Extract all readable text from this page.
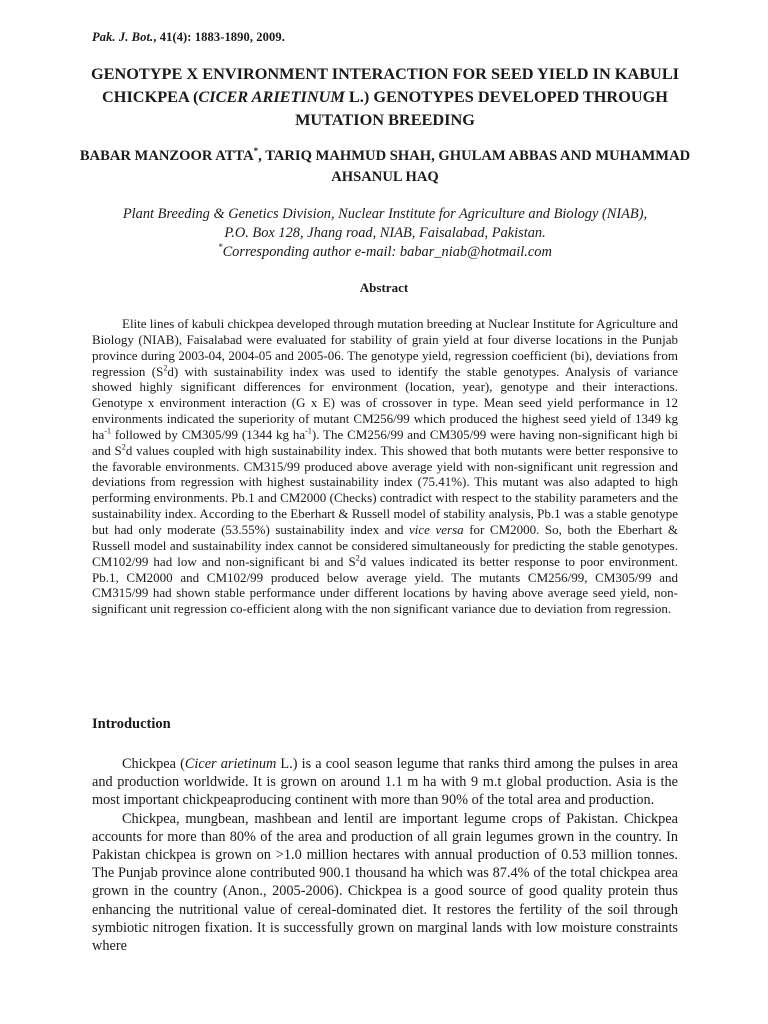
Pak. J. Bot., 41(4): 1883-1890, 2009.
GENOTYPE X ENVIRONMENT INTERACTION FOR SEED YIELD IN KABULI CHICKPEA (CICER ARIETINUM L.) GENOTYPES DEVELOPED THROUGH MUTATION BREEDING
BABAR MANZOOR ATTA*, TARIQ MAHMUD SHAH, GHULAM ABBAS AND MUHAMMAD AHSANUL HAQ
Plant Breeding & Genetics Division, Nuclear Institute for Agriculture and Biology (NIAB),
P.O. Box 128, Jhang road, NIAB, Faisalabad, Pakistan.
*Corresponding author e-mail: babar_niab@hotmail.com
Abstract

Elite lines of kabuli chickpea developed through mutation breeding at Nuclear Institute for Agriculture and Biology (NIAB), Faisalabad were evaluated for stability of grain yield at four diverse locations in the Punjab province during 2003-04, 2004-05 and 2005-06. The genotype yield, regression coefficient (bi), deviations from regression $(S^2d)$ with sustainability index was used to identify the stable genotypes. Analysis of variance showed highly significant differences for environment (location, year), genotype and their interactions. Genotype x environment interaction (G x E) was of crossover in type. Mean seed yield performance in 12 environments indicated the superiority of mutant CM256/99 which produced the highest seed yield of 1349 kg $ha^{-1}$ followed by CM305/99 (1344 kg $ha^{-1}$). The CM256/99 and CM305/99 were having non-significant high bi and $S^2d$ values coupled with high sustainability index. This showed that both mutants were better responsive to the favorable environments. CM315/99 produced above average yield with non-significant unit regression and deviations from regression with highest sustainability index (75.41%). This mutant was also adapted to high performing environments. Pb.1 and CM2000 (Checks) contradict with respect to the stability parameters and the sustainability index. According to the Eberhart & Russell model of stability analysis, Pb.1 was a stable genotype but had only moderate (53.55%) sustainability index and vice versa for CM2000. So, both the Eberhart & Russell model and sustainability index cannot be considered simultaneously for predicting the stable genotypes. CM102/99 had low and non-significant bi and $S^2d$ values indicated its better response to poor environment. Pb.1, CM2000 and CM102/99 produced below average yield. The mutants CM256/99, CM305/99 and CM315/99 had shown stable performance under different locations by having above average seed yield, non-significant unit regression co-efficient along with the non significant variance due to deviation from regression.

Introduction

Chickpea (Cicer arietinum L.) is a cool season legume that ranks third among the pulses in area and production worldwide. It is grown on around 1.1 m ha with 9 m.t global production. Asia is the most important chickpeaproducing continent with more than 90% of the total area and production.

Chickpea, mungbean, mashbean and lentil are important legume crops of Pakistan. Chickpea accounts for more than 80% of the area and production of all grain legumes grown in the country. In Pakistan chickpea is grown on >1.0 million hectares with annual production of 0.53 million tonnes. The Punjab province alone contributed 900.1 thousand ha which was 87.4% of the total chickpea area grown in the country (Anon., 2005-2006). Chickpea is a good source of good quality protein thus enhancing the nutritional value of cereal-dominated diet. It restores the fertility of the soil through symbiotic nitrogen fixation. It is successfully grown on marginal lands with low moisture constraints where
